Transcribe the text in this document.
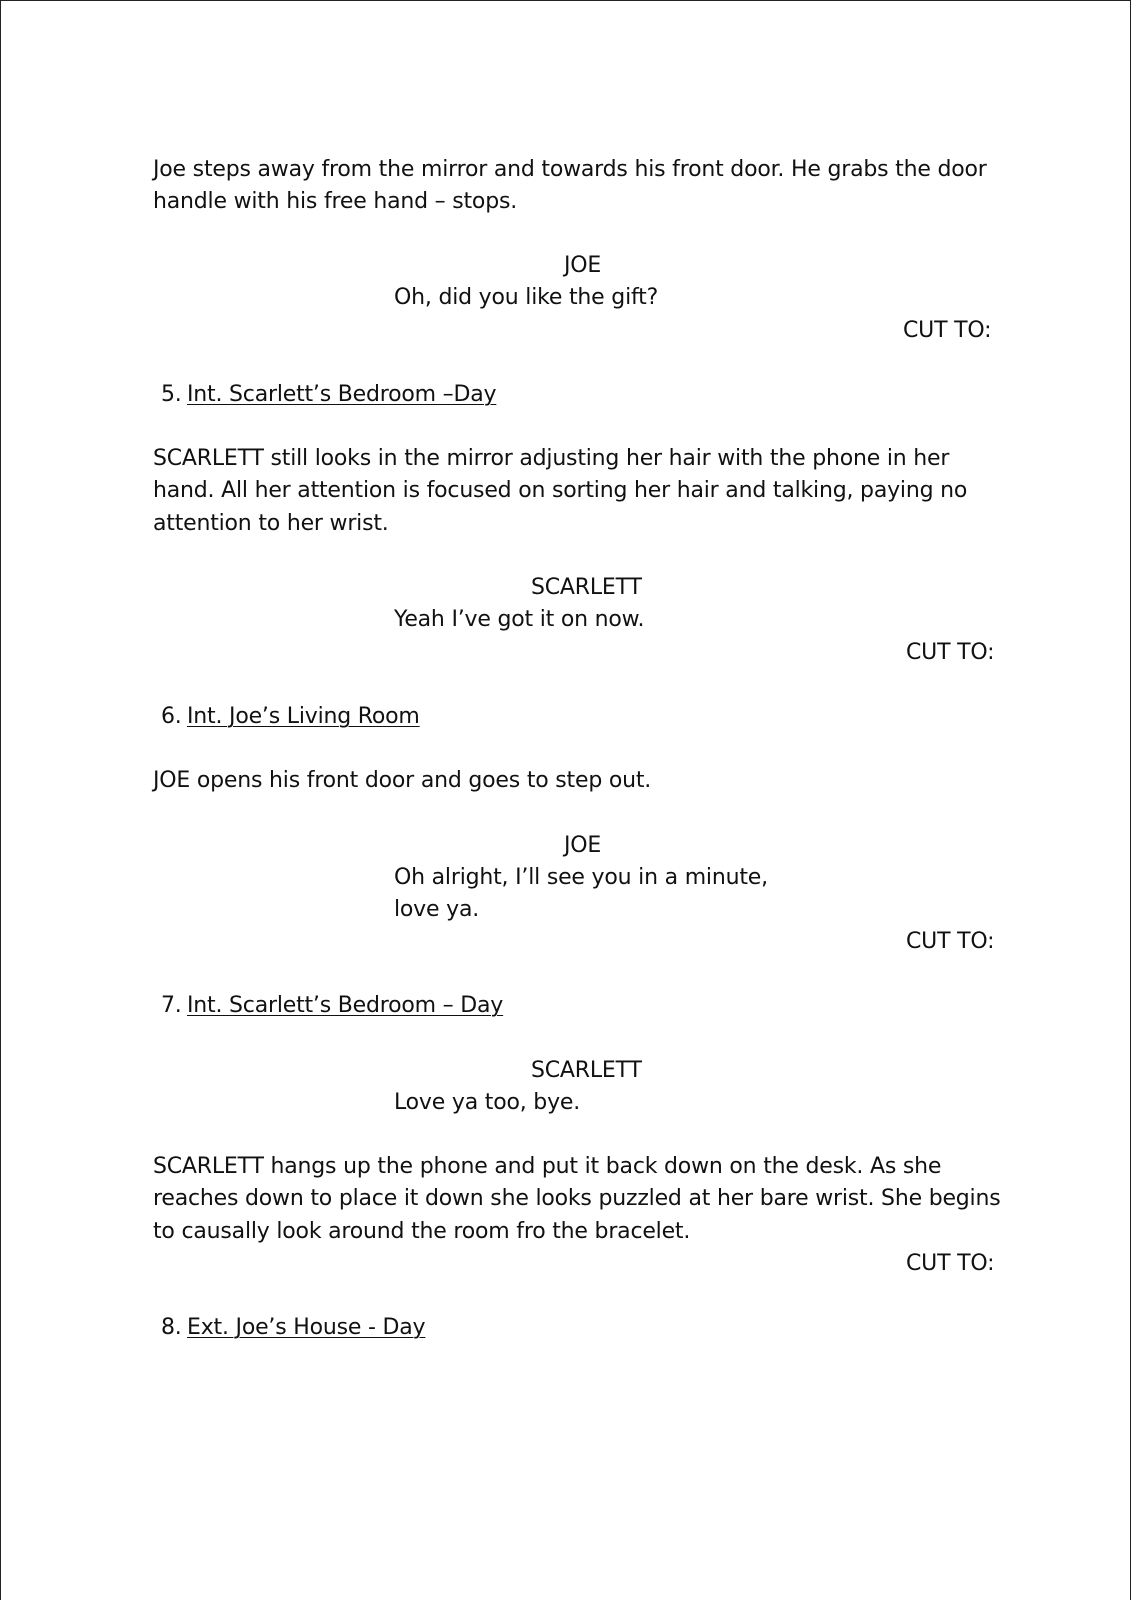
Joe steps away from the mirror and towards his front door. He grabs the door
handle with his free hand – stops.
JOE
Oh, did you like the gift?
CUT TO:
5. Int. Scarlett’s Bedroom –Day
SCARLETT still looks in the mirror adjusting her hair with the phone in her
hand. All her attention is focused on sorting her hair and talking, paying no
attention to her wrist.
SCARLETT
Yeah I’ve got it on now.
CUT TO:
6. Int. Joe’s Living Room
JOE opens his front door and goes to step out.
JOE
Oh alright, I’ll see you in a minute,
love ya.
CUT TO:
7. Int. Scarlett’s Bedroom – Day
SCARLETT
Love ya too, bye.
SCARLETT hangs up the phone and put it back down on the desk. As she
reaches down to place it down she looks puzzled at her bare wrist. She begins
to causally look around the room fro the bracelet.
CUT TO:
8. Ext. Joe’s House - Day
